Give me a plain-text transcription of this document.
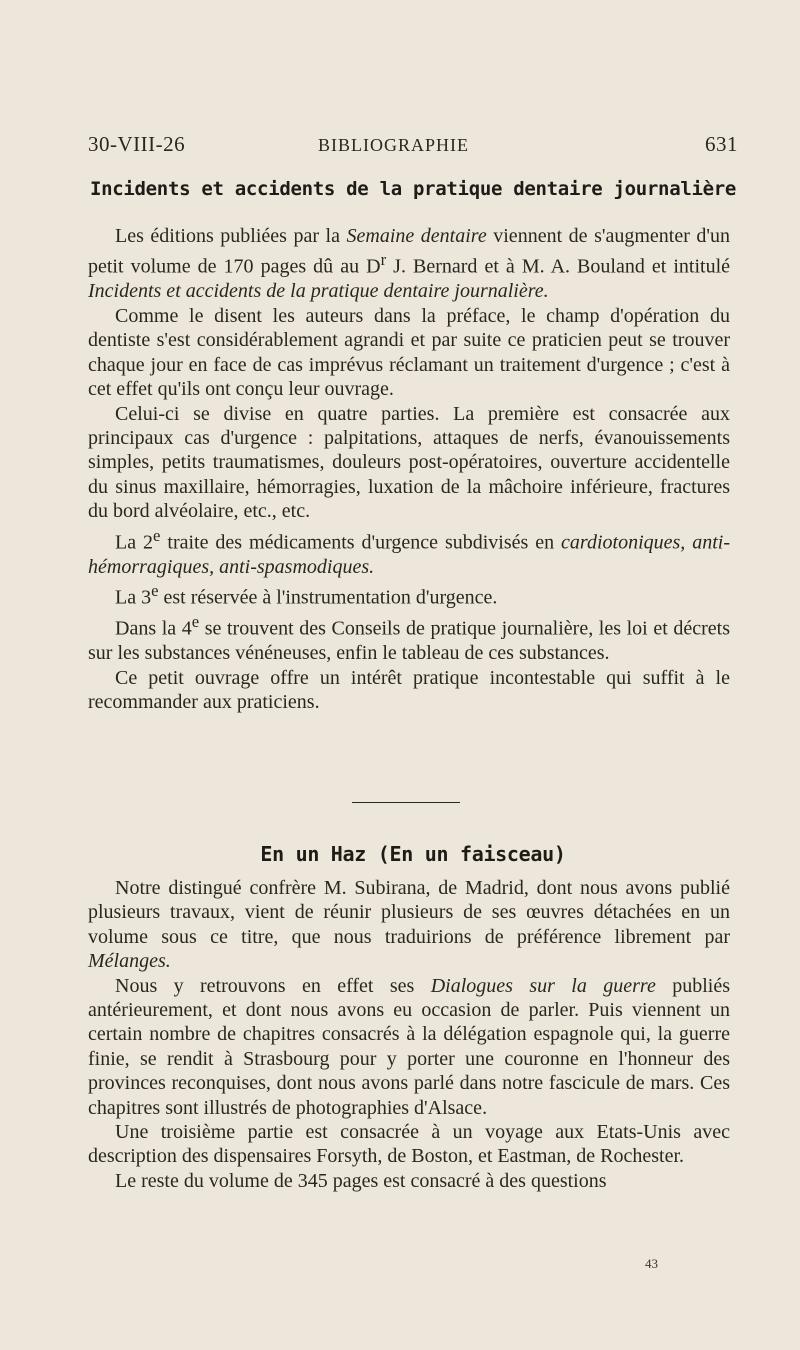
30-VIII-26	BIBLIOGRAPHIE	631
Incidents et accidents de la pratique dentaire journalière

Les éditions publiées par la Semaine dentaire viennent de s'augmenter d'un petit volume de 170 pages dû au $D^r$ J. Bernard et à M. A. Bouland et intitulé Incidents et accidents de la pratique dentaire journalière.

Comme le disent les auteurs dans la préface, le champ d'opération du dentiste s'est considérablement agrandi et par suite ce praticien peut se trouver chaque jour en face de cas imprévus réclamant un traitement d'urgence ; c'est à cet effet qu'ils ont conçu leur ouvrage.

Celui-ci se divise en quatre parties. La première est consacrée aux principaux cas d'urgence : palpitations, attaques de nerfs, évanouissements simples, petits traumatismes, douleurs post-opératoires, ouverture accidentelle du sinus maxillaire, hémorragies, luxation de la mâchoire inférieure, fractures du bord alvéolaire, etc., etc.

La 2e traite des médicaments d'urgence subdivisés en cardiotoniques, anti-hémorragiques, anti-spasmodiques.

La 3e est réservée à l'instrumentation d'urgence.

Dans la 4e se trouvent des Conseils de pratique journalière, les loi et décrets sur les substances vénéneuses, enfin le tableau de ces substances.

Ce petit ouvrage offre un intérêt pratique incontestable qui suffit à le recommander aux praticiens.

En un Haz (En un faisceau)

Notre distingué confrère M. Subirana, de Madrid, dont nous avons publié plusieurs travaux, vient de réunir plusieurs de ses œuvres détachées en un volume sous ce titre, que nous traduirions de préférence librement par Mélanges.

Nous y retrouvons en effet ses Dialogues sur la guerre publiés antérieurement, et dont nous avons eu occasion de parler. Puis viennent un certain nombre de chapitres consacrés à la délégation espagnole qui, la guerre finie, se rendit à Strasbourg pour y porter une couronne en l'honneur des provinces reconquises, dont nous avons parlé dans notre fascicule de mars. Ces chapitres sont illustrés de photographies d'Alsace.

Une troisième partie est consacrée à un voyage aux Etats-Unis avec description des dispensaires Forsyth, de Boston, et Eastman, de Rochester.

Le reste du volume de 345 pages est consacré à des questions

43
